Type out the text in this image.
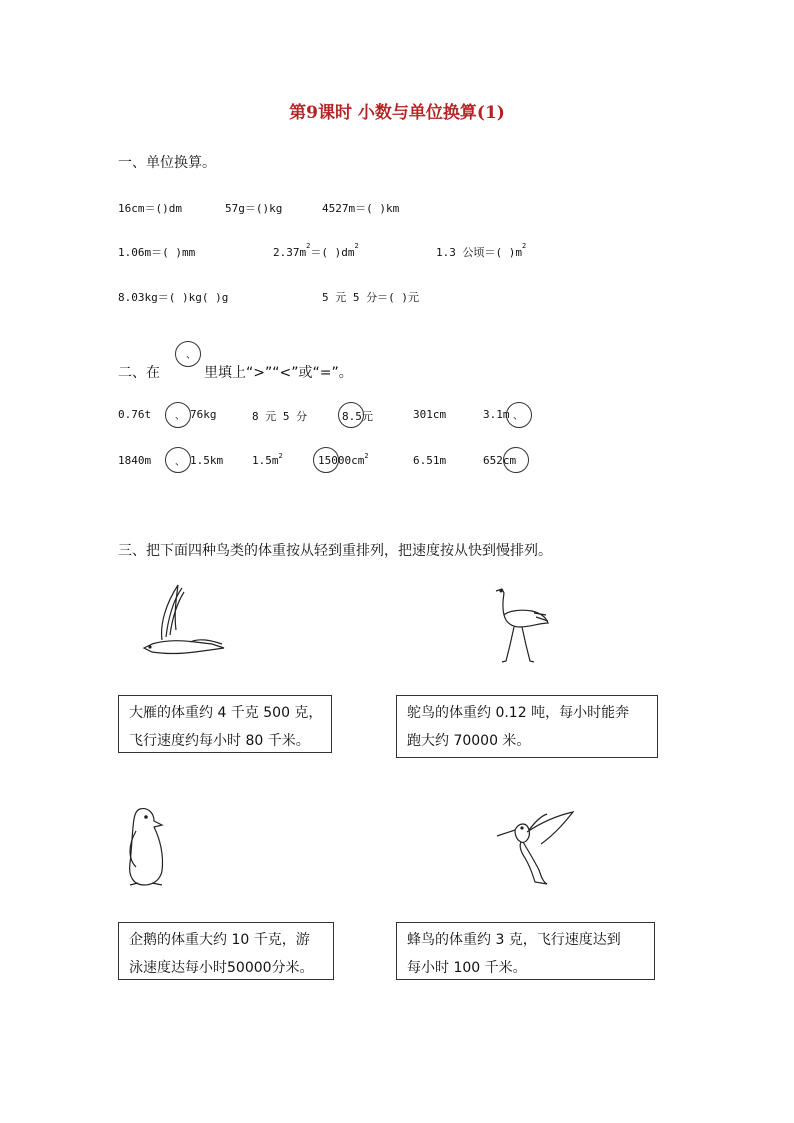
第9课时 小数与单位换算(1)
一、单位换算。
16cm＝()dm	57g＝()kg	4527m＝( )km
1.06m＝( )mm	$2.37m^2=$( )$dm^2$	1.3 公顷＝( )$m^2$
8.03kg＝( )kg( )g	5 元 5 分＝( )元
、
二、在	里填上“>”“<”或“=”。
0.76t 、 76kg	8 元 5 分	8.5元	301cm	3.1m 、
1840m 、 1.5km	$1.5m^2$	$15000cm^2$	6.51m	652cm
三、把下面四种鸟类的体重按从轻到重排列，把速度按从快到慢排列。
大雁的体重约 4 千克 500 克，
飞行速度约每小时 80 千米。
鸵鸟的体重约 0.12 吨，每小时能奔
跑大约 70000 米。
企鹅的体重大约 10 千克，游
泳速度达每小时50000分米。
蜂鸟的体重约 3 克，飞行速度达到
每小时 100 千米。
